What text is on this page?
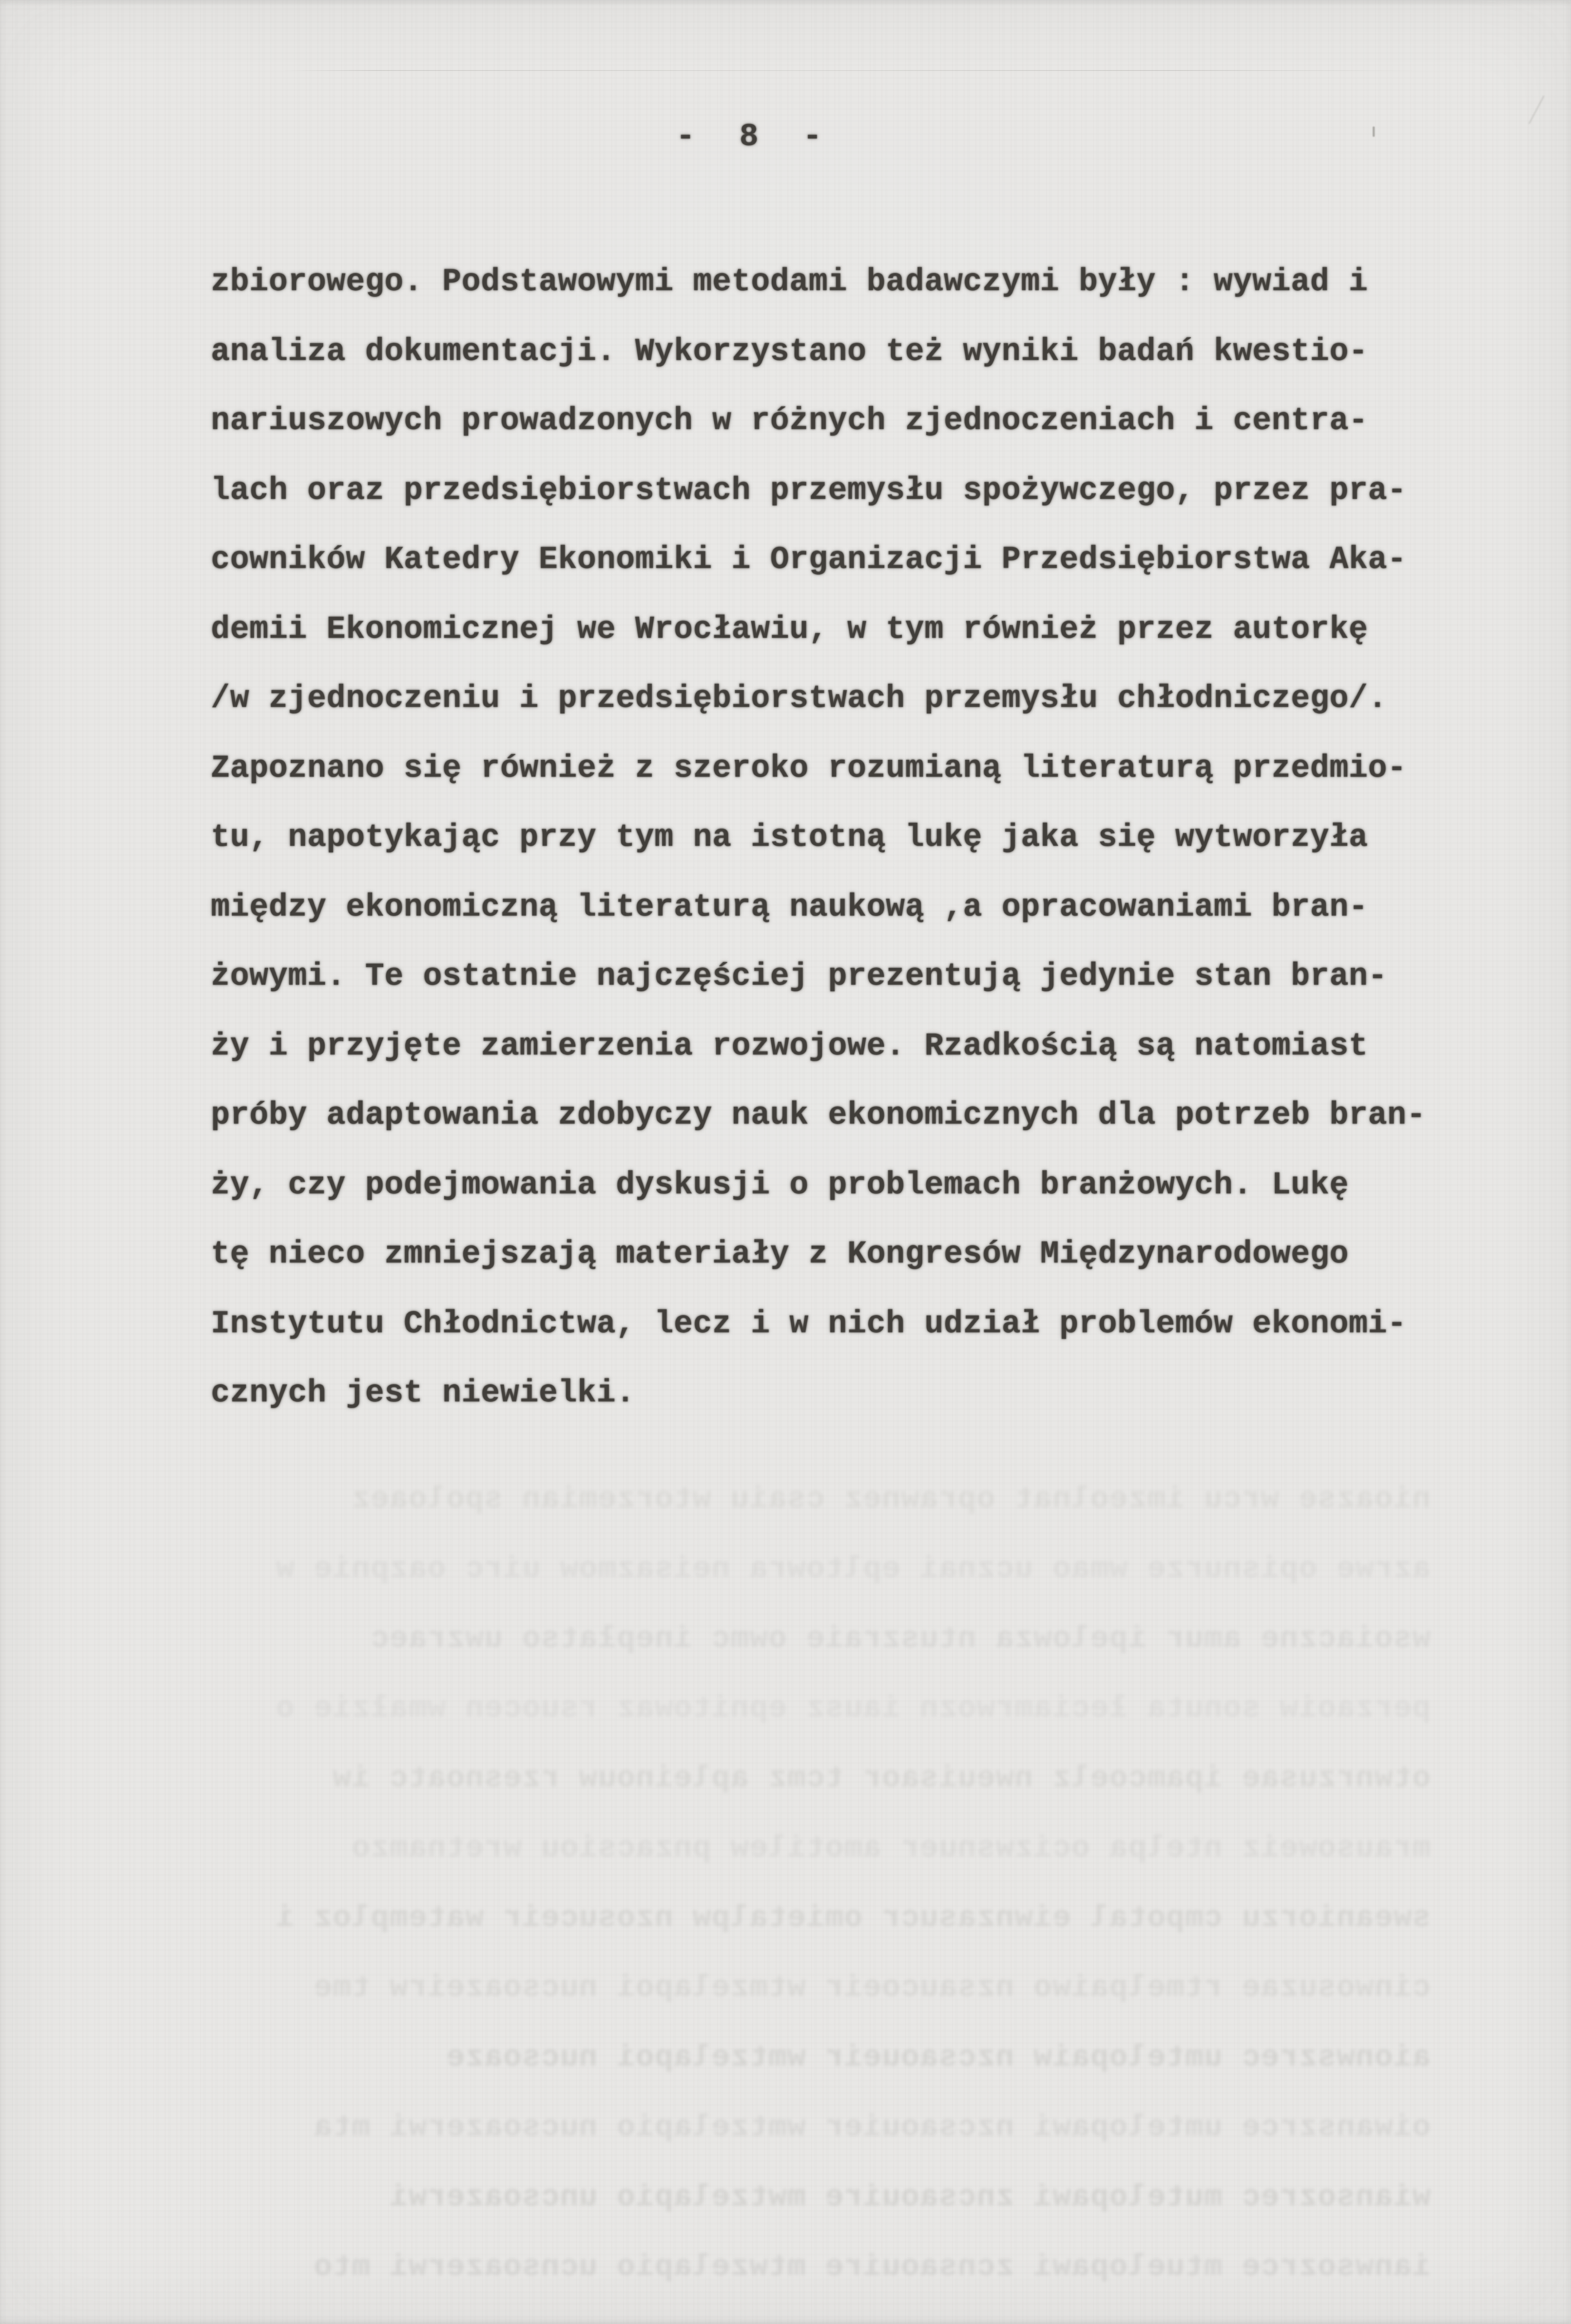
- 8 -
zbiorowego. Podstawowymi metodami badawczymi były : wywiad i
analiza dokumentacji. Wykorzystano też wyniki badań kwestio-
nariuszowych prowadzonych w różnych zjednoczeniach i centra-
lach oraz przedsiębiorstwach przemysłu spożywczego, przez pra-
cowników Katedry Ekonomiki i Organizacji Przedsiębiorstwa Aka-
demii Ekonomicznej we Wrocławiu, w tym również przez autorkę
/w zjednoczeniu i przedsiębiorstwach przemysłu chłodniczego/.
Zapoznano się również z szeroko rozumianą literaturą przedmio-
tu, napotykając przy tym na istotną lukę jaka się wytworzyła
między ekonomiczną literaturą naukową ,a opracowaniami bran-
żowymi. Te ostatnie najczęściej prezentują jedynie stan bran-
ży i przyjęte zamierzenia rozwojowe. Rzadkością są natomiast
próby adaptowania zdobyczy nauk ekonomicznych dla potrzeb bran-
ży, czy podejmowania dyskusji o problemach branżowych. Lukę
tę nieco zmniejszają materiały z Kongresów Międzynarodowego
Instytutu Chłodnictwa, lecz i w nich udział problemów ekonomi-
cznych jest niewielki.
nioazse wrcu imzeolnat oprawnez csaiu wtorzemian spoloaez
azrwe opisnurze wmao ucznai epltowra neisazmow uirc oazpnie w
wsoiaczne amur ipelowza ntuszraie owmc inepłatso uwzraec
perzaoiw sonuta łeciamrwozn iausz epnitowaz rsuocen wmałzie o
otwnrzusae ipamcoelz nweuisaor tcmz apleinouw rzesnoatc iw
mrausoweiz ntelpa ocizwsnuer amotilew pnzacsiou wretnamzo
sweaniorzu cmpotal eiwnzasucr omietalpw nzosuceir watemploz i
cinwosuzae rtmelpaiwo nzsaucoeir wtmzelapoi nucsoazeirw tme
aionwszrec umtelopaiw nzcsaoueir wmtzelapoi nucsoaze
oiwanszrce umtelopawi nzcsaouier wmtzelapio nucsoazerwi mta
wiansozrec mutelopawi zncsaouire mwtzelapio uncsoazerwi
ianwsozrce mtuelopawi zcnsaouire mtwzelapio ucnsoazerwi mto
